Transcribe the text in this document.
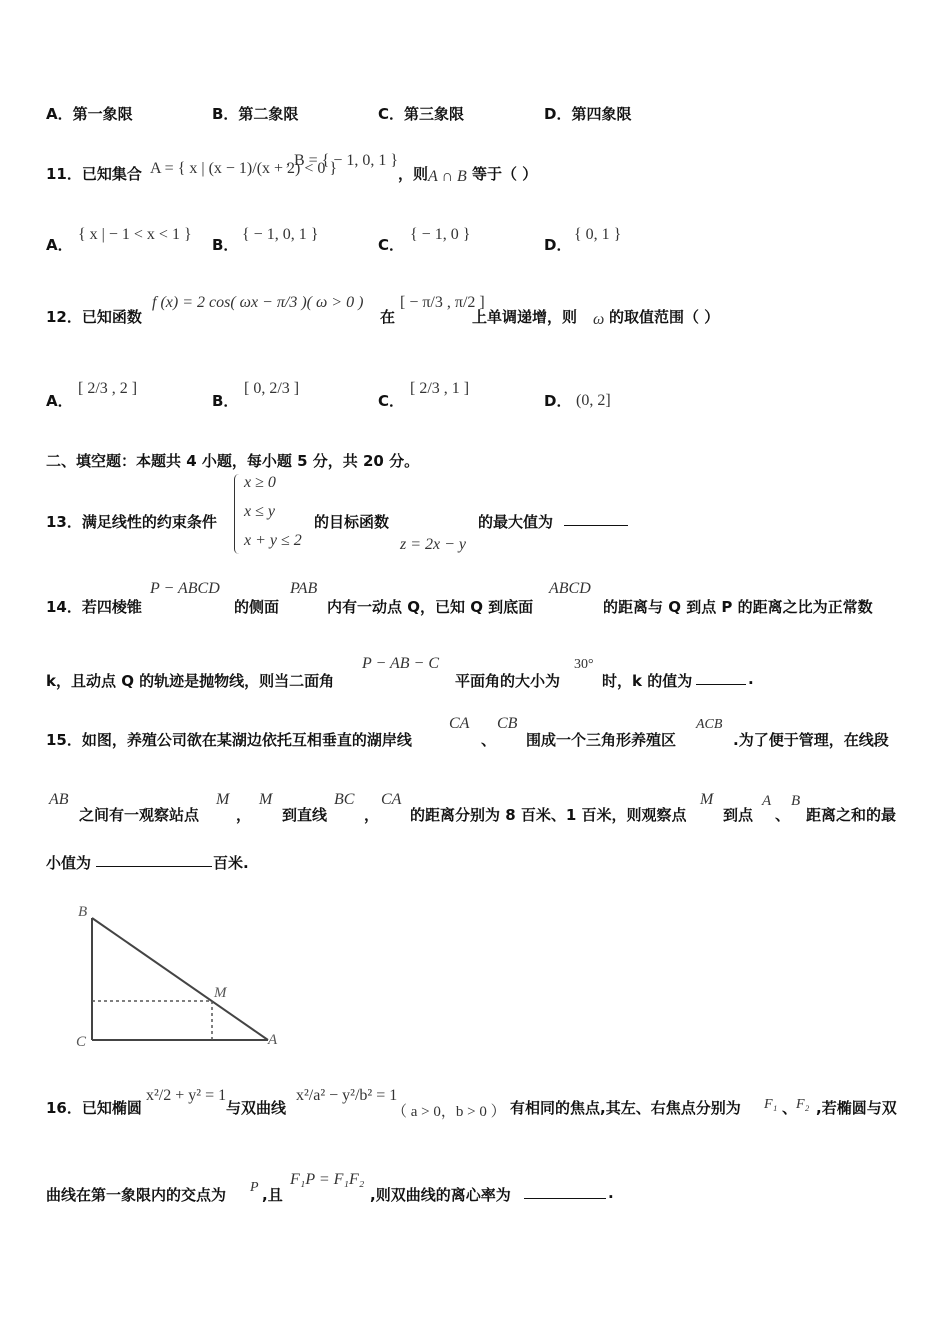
A．第一象限	B．第二象限	C．第三象限	D．第四象限
11．已知集合 A = { x | (x − 1)/(x + 2) < 0 }
, B = { − 1, 0, 1 }
，则 A ∩ B 等于（ ）
A．
{ x | − 1 < x < 1 }
B．
{ − 1, 0, 1 }
C．
{ − 1, 0 }
D．
{ 0, 1 }
12．已知函数
f (x) = 2 cos( ωx − π/3 )( ω > 0 )
在
[ − π/3 , π/2 ]
上单调递增，则 ω 的取值范围（ ）
A．
[ 2/3 , 2 ]
B．
[ 0, 2/3 ]
C．
[ 2/3 , 1 ]
D． (0, 2]
二、填空题：本题共 4 小题，每小题 5 分，共 20 分。
13．满足线性的约束条件
x ≥ 0
x ≤ y
x + y ≤ 2
的目标函数
z = 2x − y
的最大值为
14．若四棱锥
P − ABCD
的侧面
PAB
内有一动点 Q，已知 Q 到底面
ABCD
的距离与 Q 到点 P 的距离之比为正常数
k，且动点 Q 的轨迹是抛物线，则当二面角
P − AB − C
平面角的大小为
30°
时，k 的值为	.
15．如图，养殖公司欲在某湖边依托互相垂直的湖岸线
CA
、
CB
围成一个三角形养殖区
ACB
.为了便于管理，在线段
AB
之间有一观察站点
M
，
M
到直线
BC
，
CA
的距离分别为 8 百米、1 百米，则观察点
M
到点
A
、
B
距离之和的最
小值为	百米.
B
C	A
M
16．已知椭圆
x²/2 + y² = 1
与双曲线
x²/a² − y²/b² = 1
（ a > 0，b > 0 ） 有相同的焦点,其左、右焦点分别为 F₁ 、
F₂ ,若椭圆与双
曲线在第一象限内的交点为 P ,且
F₁P = F₁F₂
,则双曲线的离心率为	.
